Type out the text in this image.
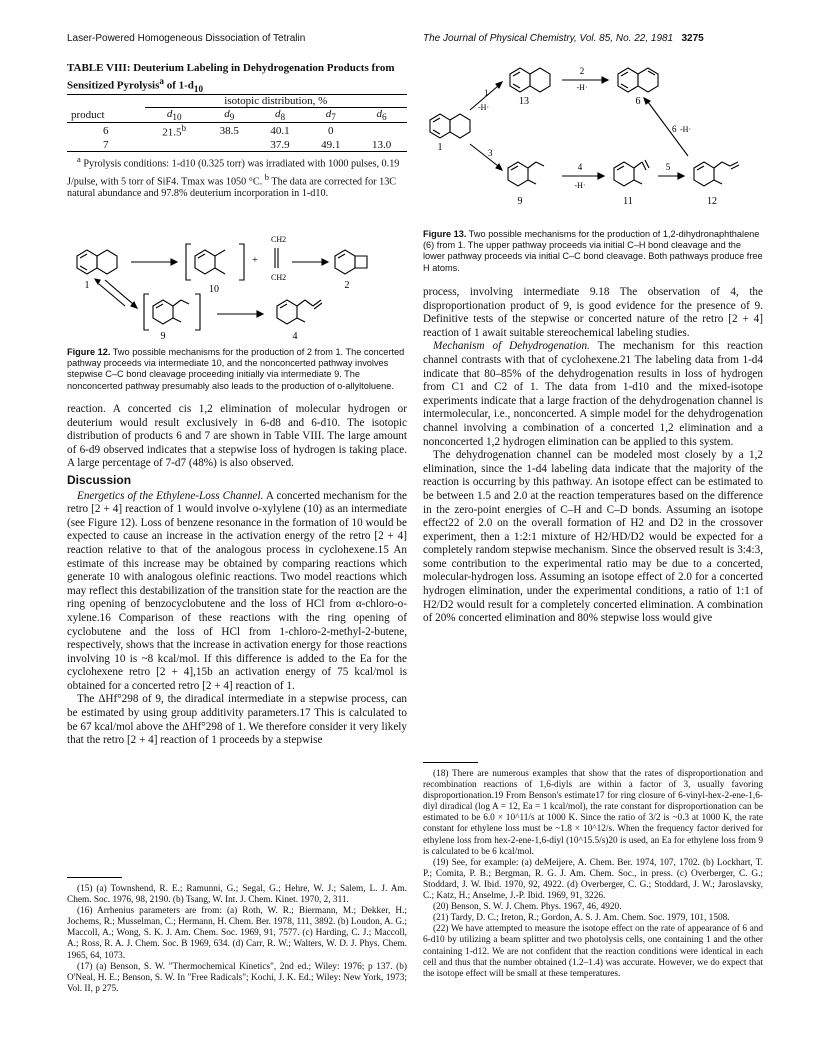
Laser-Powered Homogeneous Dissociation of Tetralin	The Journal of Physical Chemistry, Vol. 85, No. 22, 1981 3275
TABLE VIII: Deuterium Labeling in Dehydrogenation Products from Sensitized Pyrolysis$^a$ of $1-d_{10}$
	isotopic distribution, %				
product	$d_{10}$	$d_9$	$d_8$	$d_7$	$d_6$
6	21.5$^b$	38.5	40.1	0	
7			37.9	49.1	13.0

$^a$ Pyrolysis conditions: 1-d10 (0.325 torr) was irradiated with 1000 pulses, 0.19 J/pulse, with 5 torr of SiF4. Tmax was 1050 °C. $^b$ The data are corrected for 13C natural abundance and 97.8% deuterium incorporation in 1-d10.

1	10
+
CH2
CH2
2
9	4
Figure 12. Two possible mechanisms for the production of 2 from 1. The concerted pathway proceeds via intermediate 10, and the nonconcerted pathway involves stepwise C–C bond cleavage proceeding initially via intermediate 9. The nonconcerted pathway presumably also leads to the production of o-allyltoluene.

reaction. A concerted cis 1,2 elimination of molecular hydrogen or deuterium would result exclusively in 6-d8 and 6-d10. The isotopic distribution of products 6 and 7 are shown in Table VIII. The large amount of 6-d9 observed indicates that a stepwise loss of hydrogen is taking place. A large percentage of 7-d7 (48%) is also observed.

Discussion

Energetics of the Ethylene-Loss Channel. A concerted mechanism for the retro [2 + 4] reaction of 1 would involve o-xylylene (10) as an intermediate (see Figure 12). Loss of benzene resonance in the formation of 10 would be expected to cause an increase in the activation energy of the retro [2 + 4] reaction relative to that of the analogous process in cyclohexene.15 An estimate of this increase may be obtained by comparing reactions which generate 10 with analogous olefinic reactions. Two model reactions which may reflect this destabilization of the transition state for the reaction are the ring opening of benzocyclobutene and the loss of HCl from α-chloro-o-xylene.16 Comparison of these reactions with the ring opening of cyclobutene and the loss of HCl from 1-chloro-2-methyl-2-butene, respectively, shows that the increase in activation energy for those reactions involving 10 is ~8 kcal/mol. If this difference is added to the Ea for the cyclohexene retro [2 + 4],15b an activation energy of 75 kcal/mol is obtained for a concerted retro [2 + 4] reaction of 1.

The ΔHf°298 of 9, the diradical intermediate in a stepwise process, can be estimated by using group additivity parameters.17 This is calculated to be 67 kcal/mol above the ΔHf°298 of 1. We therefore consider it very likely that the retro [2 + 4] reaction of 1 proceeds by a stepwise

(15) (a) Townshend, R. E.; Ramunni, G.; Segal, G.; Hehre, W. J.; Salem, L. J. Am. Chem. Soc. 1976, 98, 2190. (b) Tsang, W. Int. J. Chem. Kinet. 1970, 2, 311.

(16) Arrhenius parameters are from: (a) Roth, W. R.; Biermann, M.; Dekker, H.; Jochems, R.; Musselman, C.; Hermann, H. Chem. Ber. 1978, 111, 3892. (b) Loudon, A. G.; Maccoll, A.; Wong, S. K. J. Am. Chem. Soc. 1969, 91, 7577. (c) Harding, C. J.; Maccoll, A.; Ross, R. A. J. Chem. Soc. B 1969, 634. (d) Carr, R. W.; Walters, W. D. J. Phys. Chem. 1965, 64, 1073.

(17) (a) Benson, S. W. "Thermochemical Kinetics", 2nd ed.; Wiley: 1976; p 137. (b) O'Neal, H. E.; Benson, S. W. In "Free Radicals"; Kochi, J. K. Ed.; Wiley: New York, 1973; Vol. II, p 275.

1
-H·
2
-H·
13	6
1	3
4
-H·
5
6 -H·
9	11	12
Figure 13. Two possible mechanisms for the production of 1,2-dihydronaphthalene (6) from 1. The upper pathway proceeds via initial C–H bond cleavage and the lower pathway proceeds via initial C–C bond cleavage. Both pathways produce free H atoms.

process, involving intermediate 9.18 The observation of 4, the disproportionation product of 9, is good evidence for the presence of 9. Definitive tests of the stepwise or concerted nature of the retro [2 + 4] reaction of 1 await suitable stereochemical labeling studies.

Mechanism of Dehydrogenation. The mechanism for this reaction channel contrasts with that of cyclohexene.21 The labeling data from 1-d4 indicate that 80–85% of the dehydrogenation results in loss of hydrogen from C1 and C2 of 1. The data from 1-d10 and the mixed-isotope experiments indicate that a large fraction of the dehydrogenation channel is intermolecular, i.e., nonconcerted. A simple model for the dehydrogenation channel involving a combination of a concerted 1,2 elimination and a nonconcerted 1,2 hydrogen elimination can be applied to this system.

The dehydrogenation channel can be modeled most closely by a 1,2 elimination, since the 1-d4 labeling data indicate that the majority of the reaction is occurring by this pathway. An isotope effect can be estimated to be between 1.5 and 2.0 at the reaction temperatures based on the difference in the zero-point energies of C–H and C–D bonds. Assuming an isotope effect22 of 2.0 on the overall formation of H2 and D2 in the crossover experiment, then a 1:2:1 mixture of H2/HD/D2 would be expected for a completely random stepwise mechanism. Since the observed result is 3:4:3, some contribution to the experimental ratio may be due to a concerted, molecular-hydrogen loss. Assuming an isotope effect of 2.0 for a concerted hydrogen elimination, under the experimental conditions, a ratio of 1:1 of H2/D2 would result for a completely concerted elimination. A combination of 20% concerted elimination and 80% stepwise loss would give

(18) There are numerous examples that show that the rates of disproportionation and recombination reactions of 1,6-diyls are within a factor of 3, usually favoring disproportionation.19 From Benson's estimate17 for ring closure of 6-vinyl-hex-2-ene-1,6-diyl diradical (log A = 12, Ea = 1 kcal/mol), the rate constant for disproportionation can be estimated to be 6.0 × 10^11/s at 1000 K. Since the ratio of 3/2 is ~0.3 at 1000 K, the rate constant for ethylene loss must be ~1.8 × 10^12/s. When the frequency factor derived for ethylene loss from hex-2-ene-1,6-diyl (10^15.5/s)20 is used, an Ea for ethylene loss from 9 is calculated to be 6 kcal/mol.

(19) See, for example: (a) deMeijere, A. Chem. Ber. 1974, 107, 1702. (b) Lockhart, T. P.; Comita, P. B.; Bergman, R. G. J. Am. Chem. Soc., in press. (c) Overberger, C. G.; Stoddard, J. W. Ibid. 1970, 92, 4922. (d) Overberger, C. G.; Stoddard, J. W.; Jaroslavsky, C.; Katz, H.; Anselme, J.-P. Ibid. 1969, 91, 3226.

(20) Benson, S. W. J. Chem. Phys. 1967, 46, 4920.

(21) Tardy, D. C.; Ireton, R.; Gordon, A. S. J. Am. Chem. Soc. 1979, 101, 1508.

(22) We have attempted to measure the isotope effect on the rate of appearance of 6 and 6-d10 by utilizing a beam splitter and two photolysis cells, one containing 1 and the other containing 1-d12. We are not confident that the reaction conditions were identical in each cell and thus that the number obtained (1.2–1.4) was accurate. However, we do expect that the isotope effect will be small at these temperatures.
